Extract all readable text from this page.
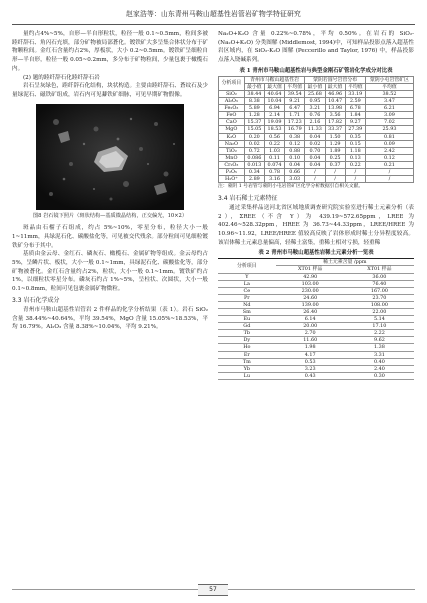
赵家浩等：山东青州马鞍山超基性岩管岩矿物学特征研究

量约占4%~5%，自形—半自形粒状，粒径一般 0.1~0.5mm，粒间多被踛纤辞石、角闪石充填，部分矿物被局部蒼化。镀铁矿大多呈集合体状分布于矿物颗粒间。金红石含量约占2%，厚板状，大小 0.2~0.5mm。镀铁矿呈细粒自形—半自形，粒径一般 0.05~0.2mm，多分布于矿物粒间，少量包裹于橄榄石内。

(2) 题的踛纤辞石化踛纤辞石岩

岩石呈灰绿色，踛纤辞石化结构，块状构造。主要由踛纤辞石、蒼纹石及少量绿泥石、磁铁矿组成，岩石内可见藄铁矿细脉，可见早期矿物假像。

图8 岩石镜下照片（斑状结构—基质微晶结构，正交偏光，10×2）

斑晶由石榴子石组成，约占 5%~10%，零星分布，粒径大小一般 1~11mm，具绿泥石化、碳酸盐化等，可见被交代残余。部分粒间可见细粒镀铁矿分布于其中。

基质由金云母、金红石、磷灰石、橄榄石、金属矿物等组成。金云母约占5%，呈鳞片状、板状，大小一般 0.1~1mm，具绿泥石化、碳酸盐化等，部分矿物被蒼化。金红石含量约占2%，粒状，大小一般 0.1~1mm。镀铁矿约占1%，以细粒状零星分布。磷灰石约占 1%~5%，呈柱状、次圆状，大小一般 0.1~0.8mm，粒间可见包裹金属矿物微粒。

3.3 岩石化学成分

青州市马鞍山超基性岩管岩 2 件样品的化学分析结果（表 1）。岩石 SiO₂ 含量 38.44%~40.64%，平均 39.54%，MgO 含量 15.05%~18.53%，平均 16.79%。Al₂O₃ 含量 8.38%~10.04%，平均 9.21%。

Na₂O+K₂O 含量 0.22%~0.78%，平均 0.50%。在岩石的 SiO₂-(Na₂O+K₂O) 分类图解 (Middlemost, 1994)中，可知样品投影点落入超基性岩区域内，在 SiO₂-K₂O 图解 (Peccerillo and Taylor, 1976) 中，样品投影点落入铙碱系列。

表 1 青州市马鞍山超基性岩与典型金刚石矿管岩化学成分对比表
分析项目	青州市马鞍山超基性岩			蒙阴若圆号岩管分布			蒙阴小屯岩管矿区
	最小值	最大值	平均值	最小值	最大值	平均值	平均值
SiO₂	38.44	40.64	39.54	25.68	46.96	33.19	38.52
Al₂O₃	8.38	10.04	9.21	0.95	10.47	2.59	3.47
Fe₂O₃	5.89	6.94	6.47	3.21	13.98	6.78	6.21
FeO	1.28	2.14	1.71	0.76	3.56	1.84	3.09
CaO	15.37	19.09	17.23	2.16	17.82	9.27	7.02
MgO	15.05	18.53	16.79	11.33	33.37	27.39	25.93
K₂O	0.20	0.56	0.38	0.04	1.50	0.35	0.81
Na₂O	0.02	0.22	0.12	0.02	1.29	0.15	0.09
TiO₂	0.72	1.03	0.88	0.70	1.89	1.18	2.42
MnO	0.086	0.11	0.10	0.04	0.25	0.13	0.12
Cr₂O₃	0.013	0.074	0.04	0.04	0.37	0.22	0.21
P₂O₅	0.34	0.78	0.66	/	/	/	/
H₂O⁺	2.89	3.16	3.03	/	/	/	/

注：蒙阴 1 号岩管与蒙阴小屯岩管矿区化学分析数据引自相关文献。

3.4 岩石稀土元素特征

通过采集样品送河北省区域地质调查研究院实验室进行稀土元素分析（表 2），ΣREE（不含 Y）为 439.19~572.65ppm，LREE 为 402.46~528.32ppm，HREE 为 36.73~44.33ppm，LREE/HREE 为 10.96~11.92，LREE/HREE 值较高反映了岩体形成时稀土分异程度较高。该岩体稀土元素总量偏高，轻稀土富集，重稀土相对亏损，轻重稀

表 2 青州市马鞍山超基性岩稀土元素分析一览表
分析项目	稀土元素含量 /ppm	
	XT01 样品	XT01 样品
Y	42.90	36.00
La	103.00	76.40
Ce	230.00	167.00
Pr	24.60	23.70
Nd	139.00	108.00
Sm	26.40	22.00
Eu	6.14	5.14
Gd	20.00	17.10
Tb	2.70	2.22
Dy	11.60	9.62
Ho	1.98	1.38
Er	4.17	3.31
Tm	0.53	0.40
Yb	3.23	2.40
Lu	0.43	0.30
57
